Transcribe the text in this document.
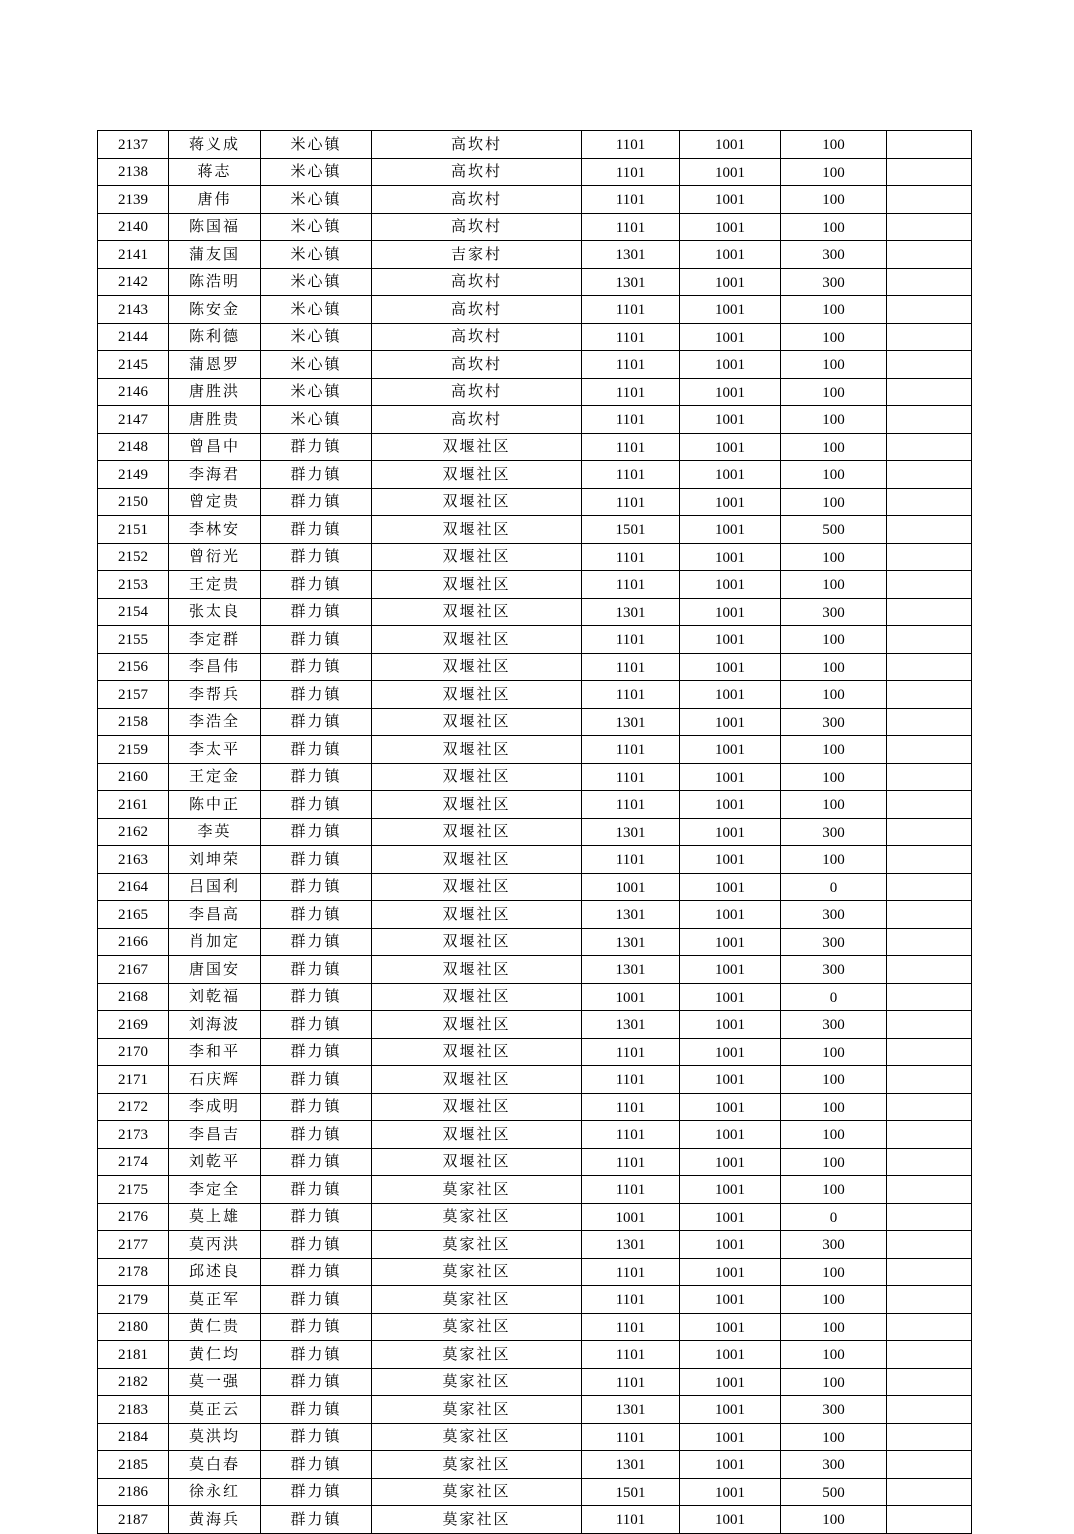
2137	蒋义成	米心镇	高坎村	1101	1001	100	
2138	蒋志	米心镇	高坎村	1101	1001	100	
2139	唐伟	米心镇	高坎村	1101	1001	100	
2140	陈国福	米心镇	高坎村	1101	1001	100	
2141	蒲友国	米心镇	吉家村	1301	1001	300	
2142	陈浩明	米心镇	高坎村	1301	1001	300	
2143	陈安金	米心镇	高坎村	1101	1001	100	
2144	陈利德	米心镇	高坎村	1101	1001	100	
2145	蒲恩罗	米心镇	高坎村	1101	1001	100	
2146	唐胜洪	米心镇	高坎村	1101	1001	100	
2147	唐胜贵	米心镇	高坎村	1101	1001	100	
2148	曾昌中	群力镇	双堰社区	1101	1001	100	
2149	李海君	群力镇	双堰社区	1101	1001	100	
2150	曾定贵	群力镇	双堰社区	1101	1001	100	
2151	李林安	群力镇	双堰社区	1501	1001	500	
2152	曾衍光	群力镇	双堰社区	1101	1001	100	
2153	王定贵	群力镇	双堰社区	1101	1001	100	
2154	张太良	群力镇	双堰社区	1301	1001	300	
2155	李定群	群力镇	双堰社区	1101	1001	100	
2156	李昌伟	群力镇	双堰社区	1101	1001	100	
2157	李帮兵	群力镇	双堰社区	1101	1001	100	
2158	李浩全	群力镇	双堰社区	1301	1001	300	
2159	李太平	群力镇	双堰社区	1101	1001	100	
2160	王定金	群力镇	双堰社区	1101	1001	100	
2161	陈中正	群力镇	双堰社区	1101	1001	100	
2162	李英	群力镇	双堰社区	1301	1001	300	
2163	刘坤荣	群力镇	双堰社区	1101	1001	100	
2164	吕国利	群力镇	双堰社区	1001	1001	0	
2165	李昌高	群力镇	双堰社区	1301	1001	300	
2166	肖加定	群力镇	双堰社区	1301	1001	300	
2167	唐国安	群力镇	双堰社区	1301	1001	300	
2168	刘乾福	群力镇	双堰社区	1001	1001	0	
2169	刘海波	群力镇	双堰社区	1301	1001	300	
2170	李和平	群力镇	双堰社区	1101	1001	100	
2171	石庆辉	群力镇	双堰社区	1101	1001	100	
2172	李成明	群力镇	双堰社区	1101	1001	100	
2173	李昌吉	群力镇	双堰社区	1101	1001	100	
2174	刘乾平	群力镇	双堰社区	1101	1001	100	
2175	李定全	群力镇	莫家社区	1101	1001	100	
2176	莫上雄	群力镇	莫家社区	1001	1001	0	
2177	莫丙洪	群力镇	莫家社区	1301	1001	300	
2178	邱述良	群力镇	莫家社区	1101	1001	100	
2179	莫正军	群力镇	莫家社区	1101	1001	100	
2180	黄仁贵	群力镇	莫家社区	1101	1001	100	
2181	黄仁均	群力镇	莫家社区	1101	1001	100	
2182	莫一强	群力镇	莫家社区	1101	1001	100	
2183	莫正云	群力镇	莫家社区	1301	1001	300	
2184	莫洪均	群力镇	莫家社区	1101	1001	100	
2185	莫白春	群力镇	莫家社区	1301	1001	300	
2186	徐永红	群力镇	莫家社区	1501	1001	500	
2187	黄海兵	群力镇	莫家社区	1101	1001	100	
